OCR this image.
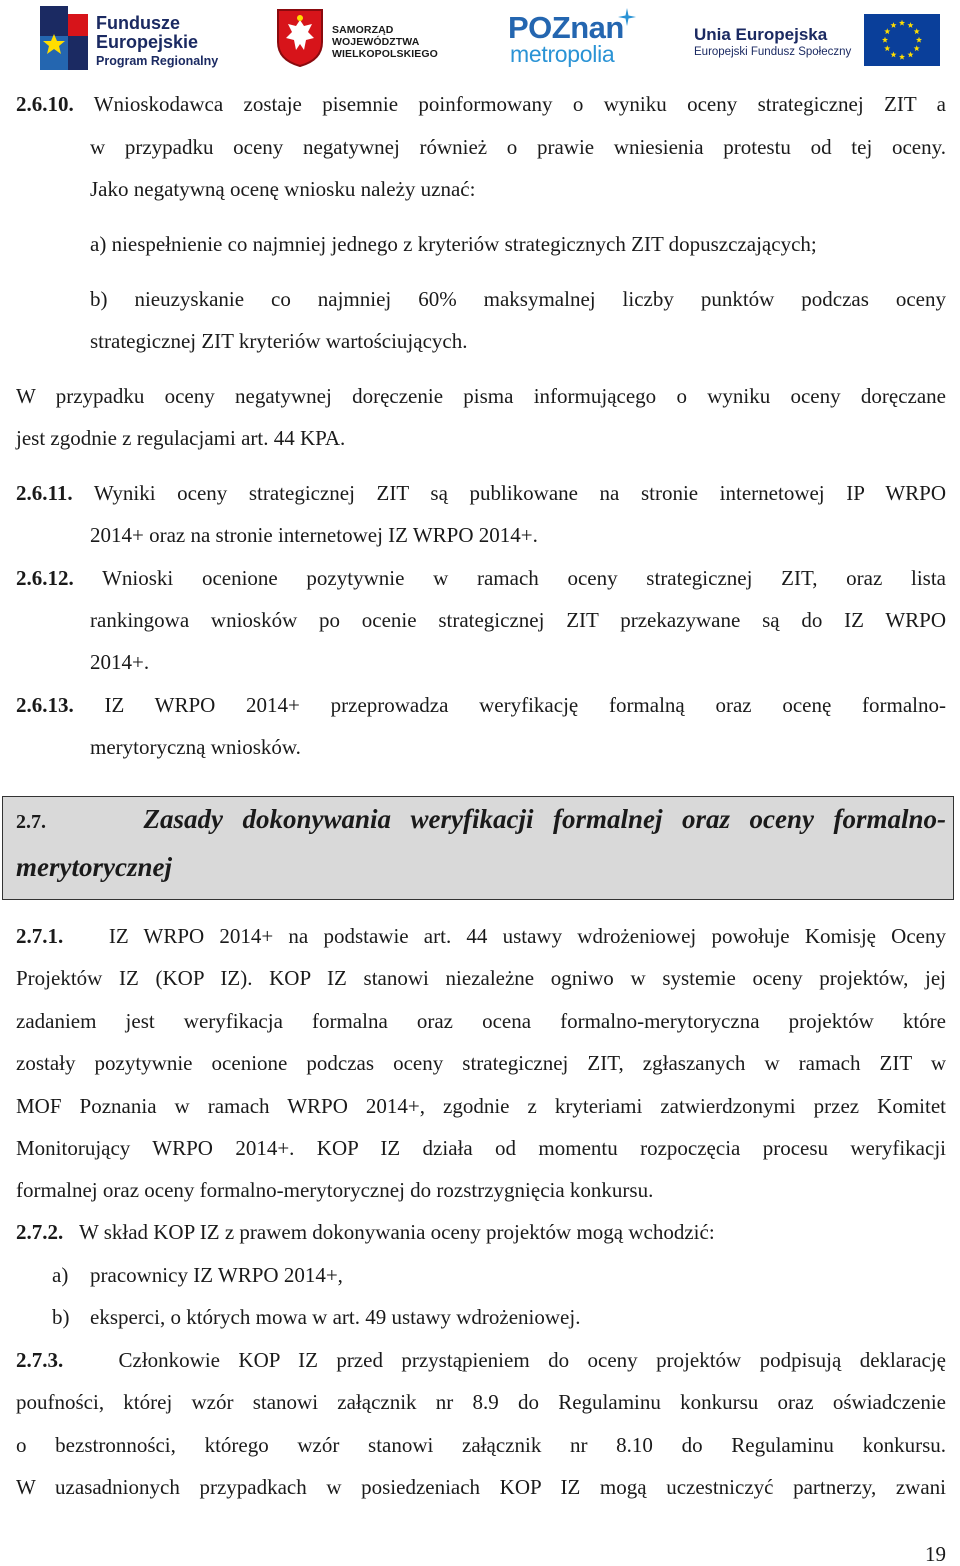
Fundusze
Europejskie
Program Regionalny
SAMORZĄD WOJEWÓDZTWA
WIELKOPOLSKIEGO
POZnan
metropolia
Unia Europejska
Europejski Fundusz Społeczny

2.6.10. Wnioskodawca zostaje pisemnie poinformowany o wyniku oceny strategicznej ZIT a

w przypadku oceny negatywnej również o prawie wniesienia protestu od tej oceny.

Jako negatywną ocenę wniosku należy uznać:

a) niespełnienie co najmniej jednego z kryteriów strategicznych ZIT dopuszczających;

b) nieuzyskanie co najmniej 60% maksymalnej liczby punktów podczas oceny

strategicznej ZIT kryteriów wartościujących.

W przypadku oceny negatywnej doręczenie pisma informującego o wyniku oceny doręczane

jest zgodnie z regulacjami art. 44 KPA.

2.6.11. Wyniki oceny strategicznej ZIT są publikowane na stronie internetowej IP WRPO

2014+ oraz na stronie internetowej IZ WRPO 2014+.

2.6.12. Wnioski ocenione pozytywnie w ramach oceny strategicznej ZIT, oraz lista

rankingowa wniosków po ocenie strategicznej ZIT przekazywane są do IZ WRPO

2014+.

2.6.13. IZ WRPO 2014+ przeprowadza weryfikację formalną oraz ocenę formalno-

merytoryczną wniosków.

2.7.	Zasady dokonywania weryfikacji formalnej oraz oceny formalno-

merytorycznej

2.7.1. IZ WRPO 2014+ na podstawie art. 44 ustawy wdrożeniowej powołuje Komisję Oceny

Projektów IZ (KOP IZ). KOP IZ stanowi niezależne ogniwo w systemie oceny projektów, jej

zadaniem jest weryfikacja formalna oraz ocena formalno-merytoryczna projektów które

zostały pozytywnie ocenione podczas oceny strategicznej ZIT, zgłaszanych w ramach ZIT w

MOF Poznania w ramach WRPO 2014+, zgodnie z kryteriami zatwierdzonymi przez Komitet

Monitorujący WRPO 2014+. KOP IZ działa od momentu rozpoczęcia procesu weryfikacji

formalnej oraz oceny formalno-merytorycznej do rozstrzygnięcia konkursu.

2.7.2. W skład KOP IZ z prawem dokonywania oceny projektów mogą wchodzić:

a) pracownicy IZ WRPO 2014+,

b) eksperci, o których mowa w art. 49 ustawy wdrożeniowej.

2.7.3.	Członkowie KOP IZ przed przystąpieniem do oceny projektów podpisują deklarację

poufności, której wzór stanowi załącznik nr 8.9 do Regulaminu konkursu oraz oświadczenie

o bezstronności, którego wzór stanowi załącznik nr 8.10 do Regulaminu konkursu.

W uzasadnionych przypadkach w posiedzeniach KOP IZ mogą uczestniczyć partnerzy, zwani

19
